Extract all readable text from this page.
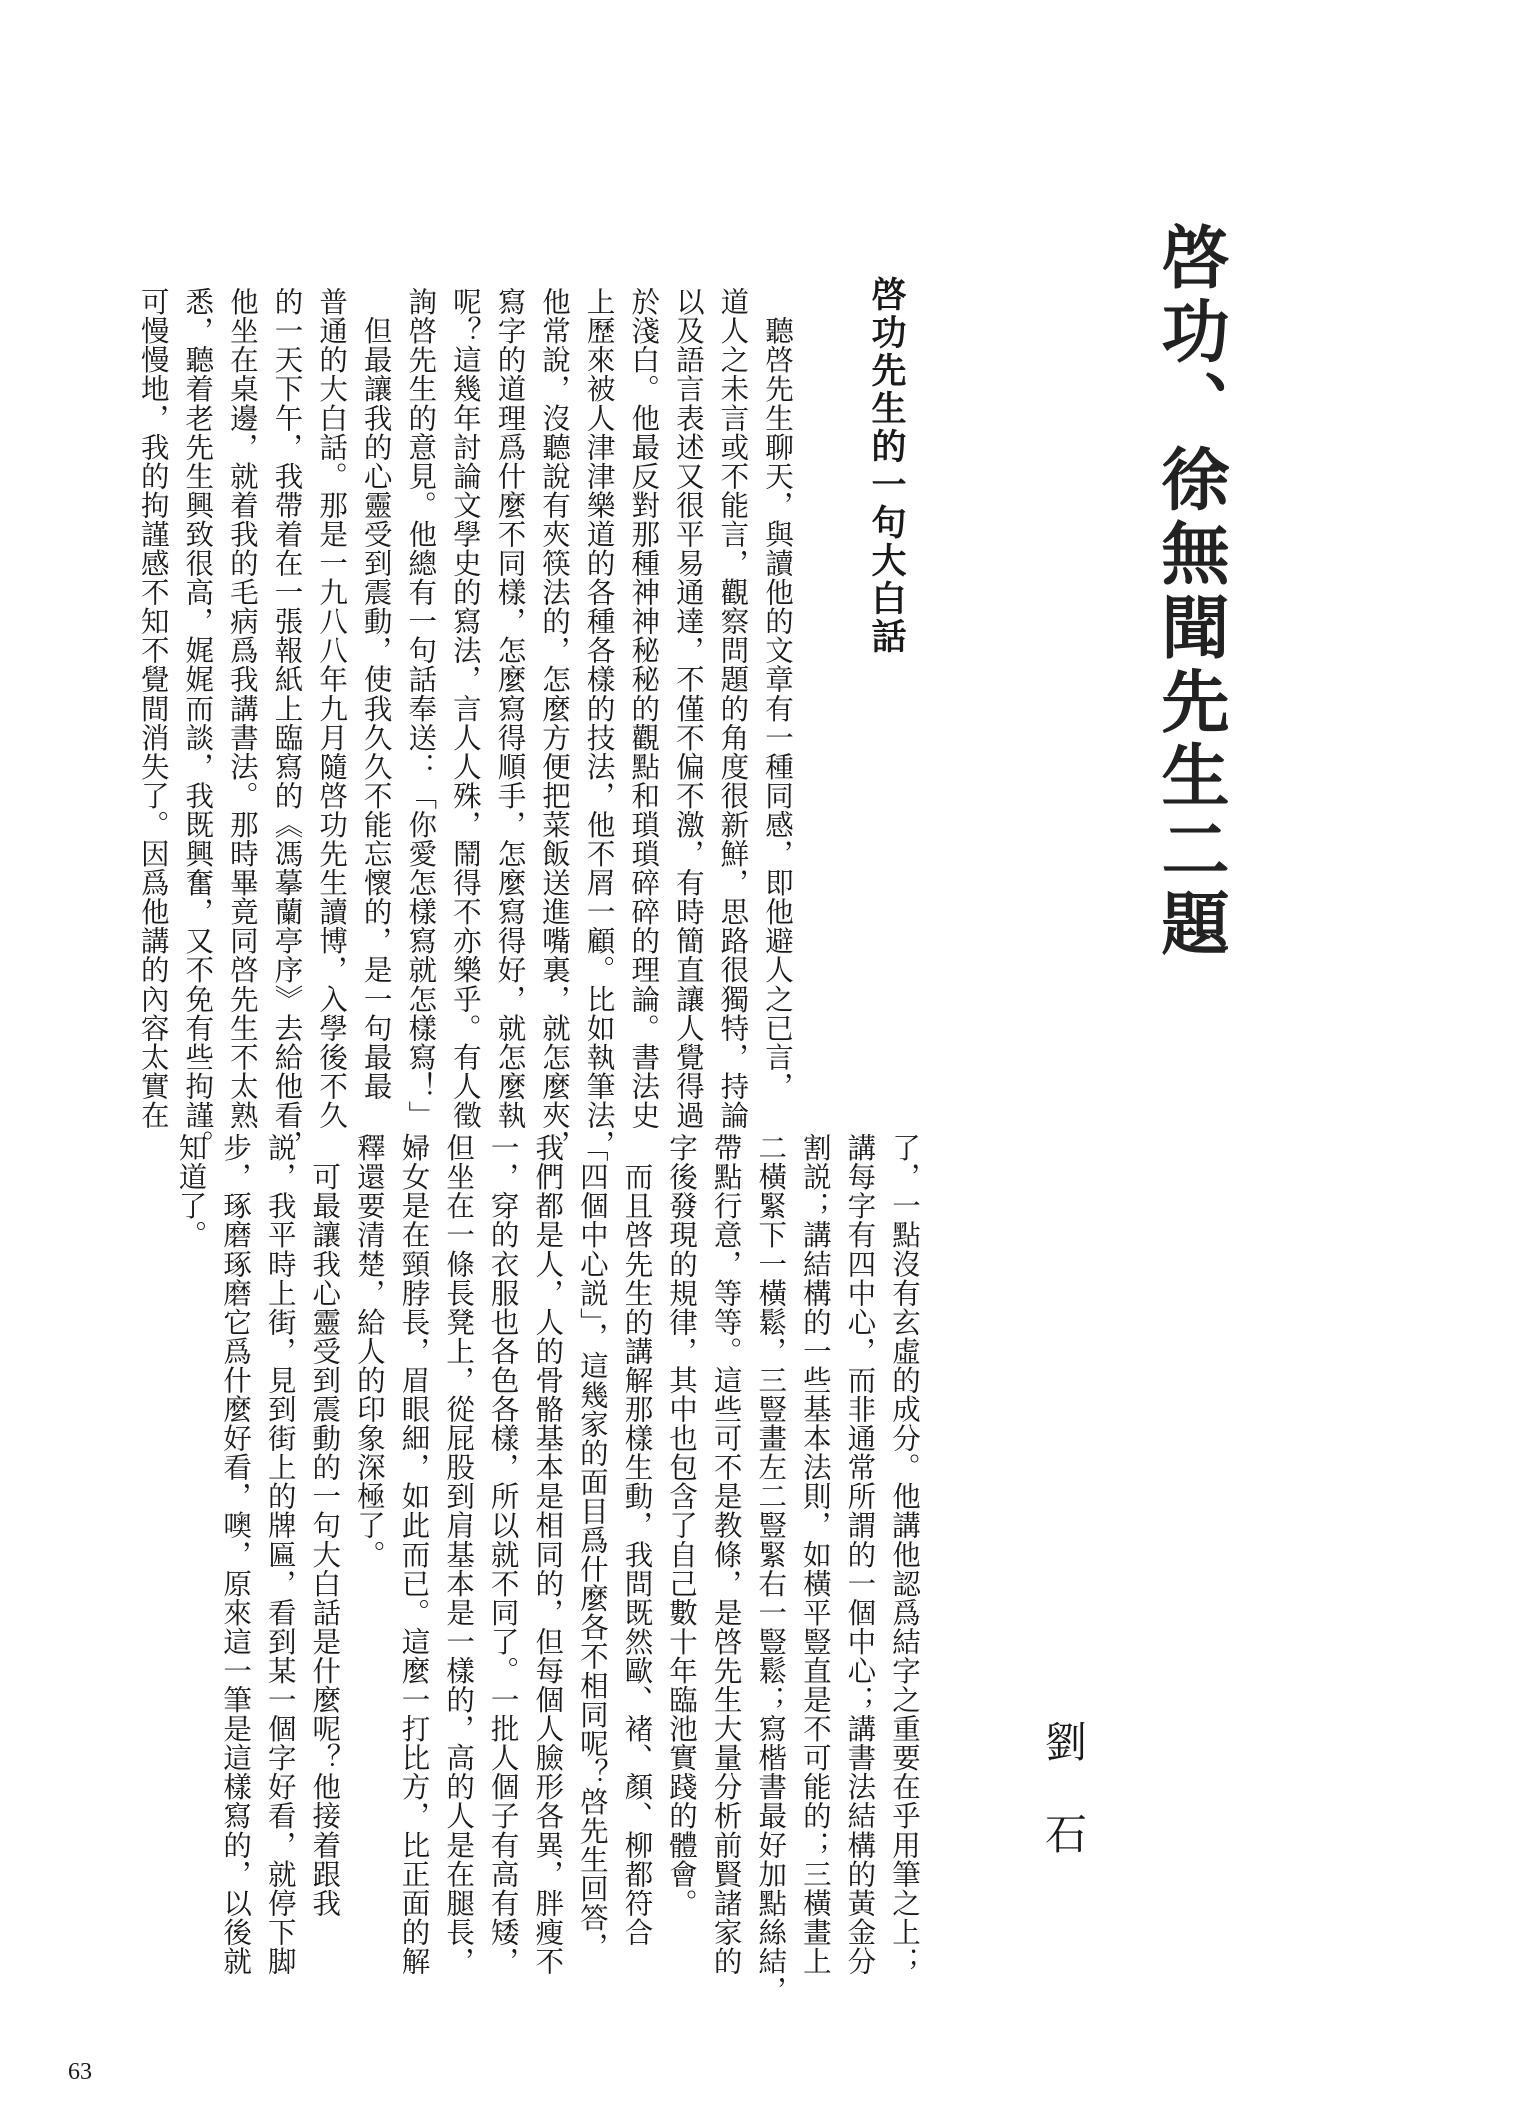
啓功、徐無聞先生二題
劉石
啓功先生的一句大白話
　聽啓先生聊天，與讀他的文章有一種同感，即他避人之已言，
道人之未言或不能言，觀察問題的角度很新鮮，思路很獨特，持論
以及語言表述又很平易通達，不僅不偏不激，有時簡直讓人覺得過
於淺白。他最反對那種神神秘秘的觀點和瑣瑣碎碎的理論。書法史
上歷來被人津津樂道的各種各樣的技法，他不屑一顧。比如執筆法，
他常說，沒聽說有夾筷法的，怎麼方便把菜飯送進嘴裏，就怎麼夾，
寫字的道理爲什麼不同樣，怎麼寫得順手，怎麼寫得好，就怎麼執
呢？這幾年討論文學史的寫法，言人人殊，鬧得不亦樂乎。有人徵
詢啓先生的意見。他總有一句話奉送：「你愛怎樣寫就怎樣寫！」
　但最讓我的心靈受到震動，使我久久不能忘懷的，是一句最最
普通的大白話。那是一九八八年九月隨啓功先生讀博，入學後不久
的一天下午，我帶着在一張報紙上臨寫的《馮摹蘭亭序》去給他看，
他坐在桌邊，就着我的毛病爲我講書法。那時畢竟同啓先生不太熟
悉，聽着老先生興致很高，娓娓而談，我既興奮，又不免有些拘謹。
可慢慢地，我的拘謹感不知不覺間消失了。因爲他講的內容太實在
了，一點沒有玄虛的成分。他講他認爲結字之重要在乎用筆之上；
講每字有四中心，而非通常所謂的一個中心；講書法結構的黃金分
割説；講結構的一些基本法則，如橫平豎直是不可能的；三橫畫上
二橫緊下一橫鬆，三豎畫左二豎緊右一豎鬆；寫楷書最好加點絲結，
帶點行意，等等。這些可不是教條，是啓先生大量分析前賢諸家的
字後發現的規律，其中也包含了自己數十年臨池實踐的體會。
　而且啓先生的講解那樣生動，我問既然歐、褚、顏、柳都符合
「四個中心説」，這幾家的面目爲什麼各不相同呢？啓先生回答，
我們都是人，人的骨骼基本是相同的，但每個人臉形各異，胖瘦不
一，穿的衣服也各色各樣，所以就不同了。一批人個子有高有矮，
但坐在一條長凳上，從屁股到肩基本是一樣的，高的人是在腿長，
婦女是在頸脖長，眉眼細，如此而已。這麼一打比方，比正面的解
釋還要清楚，給人的印象深極了。
　可最讓我心靈受到震動的一句大白話是什麼呢？他接着跟我
説，我平時上街，見到街上的牌匾，看到某一個字好看，就停下脚
步，琢磨琢磨它爲什麼好看，噢，原來這一筆是這樣寫的，以後就
知道了。
63
